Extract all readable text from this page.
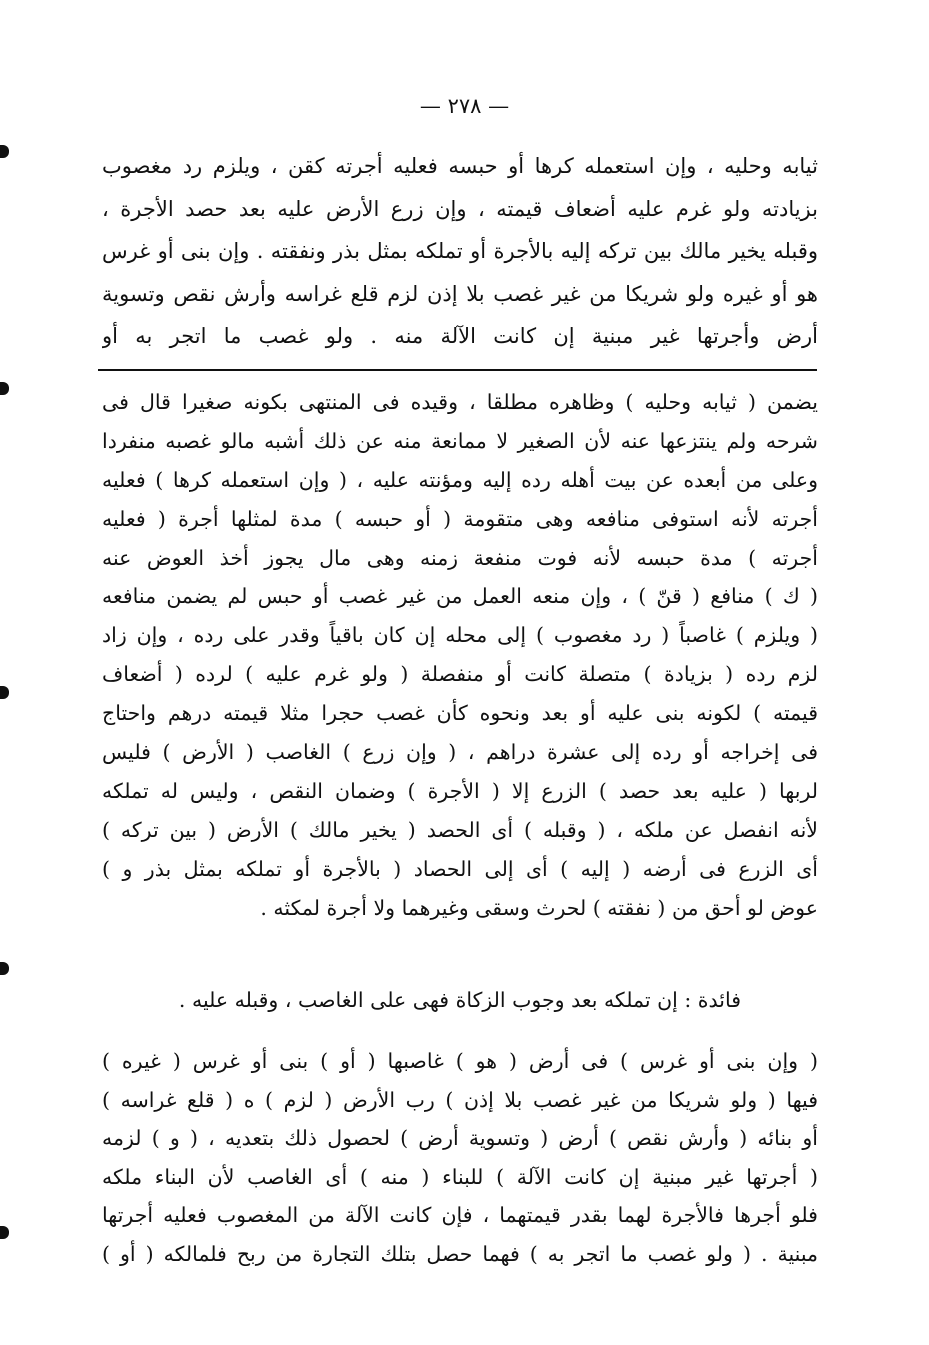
— ٢٧٨ —
ثيابه وحليه ، وإن استعمله كرها أو حبسه فعليه أجرته كقن ، ويلزم رد مغصوب
بزيادته ولو غرم عليه أضعاف قيمته ، وإن زرع الأرض عليه بعد حصد الأجرة ،
وقبله يخير مالك بين تركه إليه بالأجرة أو تملكه بمثل بذر ونفقته . وإن بنى أو غرس
هو أو غيره ولو شريكا من غير غصب بلا إذن لزم قلع غراسه وأرش نقص وتسوية
أرض وأجرتها غير مبنية إن كانت الآلة منه . ولو غصب ما اتجر به أو
يضمن ( ثيابه وحليه ) وظاهره مطلقا ، وقيده فى المنتهى بكونه صغيرا قال فى
شرحه ولم ينتزعها عنه لأن الصغير لا ممانعة منه عن ذلك أشبه مالو غصبه منفردا
وعلى من أبعده عن بيت أهله رده إليه ومؤنته عليه ، ( وإن استعمله كرها ) فعليه
أجرته لأنه استوفى منافعه وهى متقومة ( أو حبسه ) مدة لمثلها أجرة ( فعليه
أجرته ) مدة حبسه لأنه فوت منفعة زمنه وهى مال يجوز أخذ العوض عنه
( ك ) منافع ( قنّ ) ، وإن منعه العمل من غير غصب أو حبس لم يضمن منافعه
( ويلزم ) غاصباً ( رد مغصوب ) إلى محله إن كان باقياً وقدر على رده ، وإن زاد
لزم رده ( بزيادة ) متصلة كانت أو منفصلة ( ولو غرم عليه ) لرده ( أضعاف
قيمته ) لكونه بنى عليه أو بعد ونحوه كأن غصب حجرا مثلا قيمته درهم واحتاج
فى إخراجه أو رده إلى عشرة دراهم ، ( وإن زرع ) الغاصب ( الأرض ) فليس
لربها ( عليه بعد حصد ) الزرع إلا ( الأجرة ) وضمان النقص ، وليس له تملكه
لأنه انفصل عن ملكه ، ( وقبله ) أى الحصد ( يخير مالك ) الأرض ( بين تركه )
أى الزرع فى أرضه ( إليه ) أى إلى الحصاد ( بالأجرة أو تملكه بمثل بذر و )
عوض لو أحق من ( نفقته ) لحرث وسقى وغيرهما ولا أجرة لمكثه .
فائدة : إن تملكه بعد وجوب الزكاة فهى على الغاصب ، وقبله عليه .
( وإن بنى أو غرس ) فى أرض ( هو ) غاصبها ( أو ) بنى أو غرس ( غيره )
فيها ( ولو شريكا من غير غصب بلا إذن ) رب الأرض ( لزم ) ه ( قلع غراسه )
أو بنائه ( وأرش نقص ) أرض ( وتسوية أرض ) لحصول ذلك بتعديه ، ( و ) لزمه
( أجرتها غير مبنية إن كانت الآلة ) للبناء ( منه ) أى الغاصب لأن البناء ملكه
فلو أجرها فالأجرة لهما بقدر قيمتهما ، فإن كانت الآلة من المغصوب فعليه أجرتها
مبنية . ( ولو غصب ما اتجر به ) فهما حصل بتلك التجارة من ربح فلمالكه ( أو )
